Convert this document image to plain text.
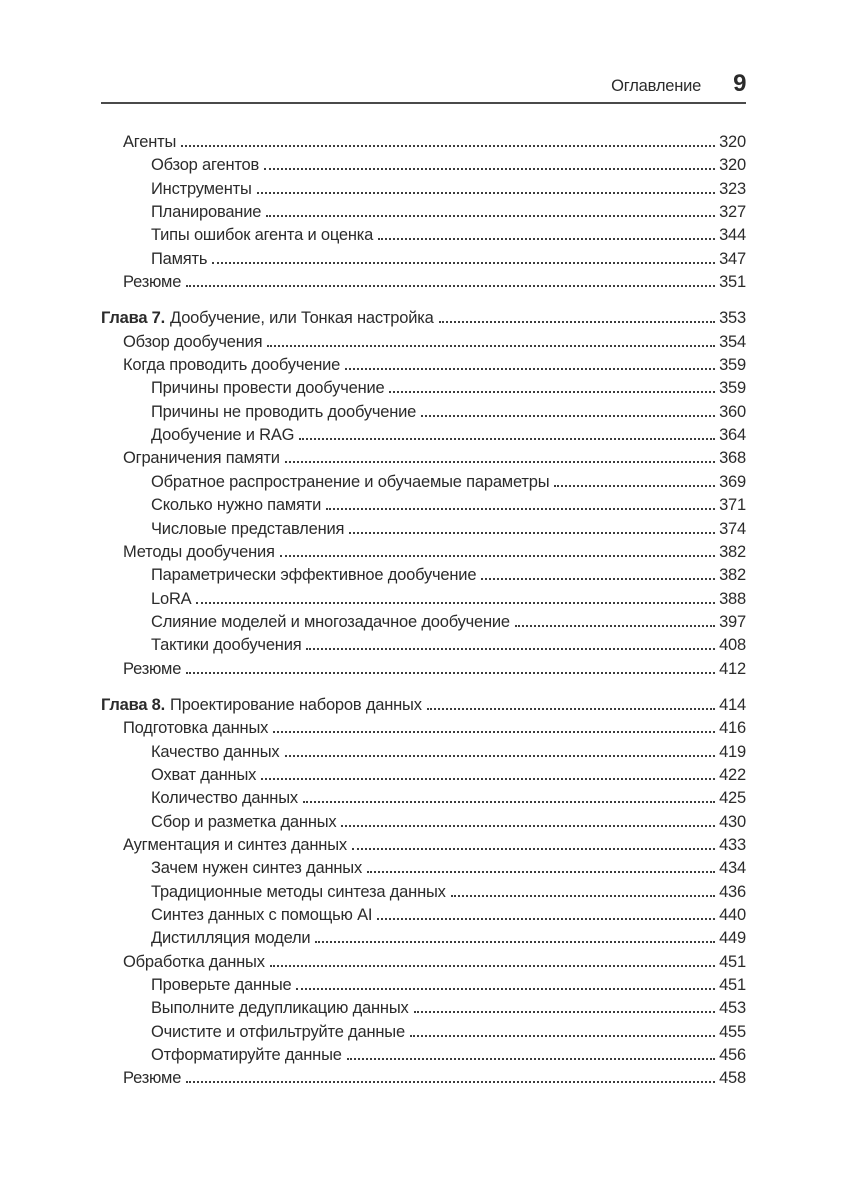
Оглавление 9
Агенты	320
Обзор агентов	320
Инструменты	323
Планирование	327
Типы ошибок агента и оценка	344
Память	347
Резюме	351
Глава 7. Дообучение, или Тонкая настройка	353
Обзор дообучения	354
Когда проводить дообучение	359
Причины провести дообучение	359
Причины не проводить дообучение	360
Дообучение и RAG	364
Ограничения памяти	368
Обратное распространение и обучаемые параметры	369
Сколько нужно памяти	371
Числовые представления	374
Методы дообучения	382
Параметрически эффективное дообучение	382
LoRA	388
Слияние моделей и многозадачное дообучение	397
Тактики дообучения	408
Резюме	412
Глава 8. Проектирование наборов данных	414
Подготовка данных	416
Качество данных	419
Охват данных	422
Количество данных	425
Сбор и разметка данных	430
Аугментация и синтез данных	433
Зачем нужен синтез данных	434
Традиционные методы синтеза данных	436
Синтез данных с помощью AI	440
Дистилляция модели	449
Обработка данных	451
Проверьте данные	451
Выполните дедупликацию данных	453
Очистите и отфильтруйте данные	455
Отформатируйте данные	456
Резюме	458
